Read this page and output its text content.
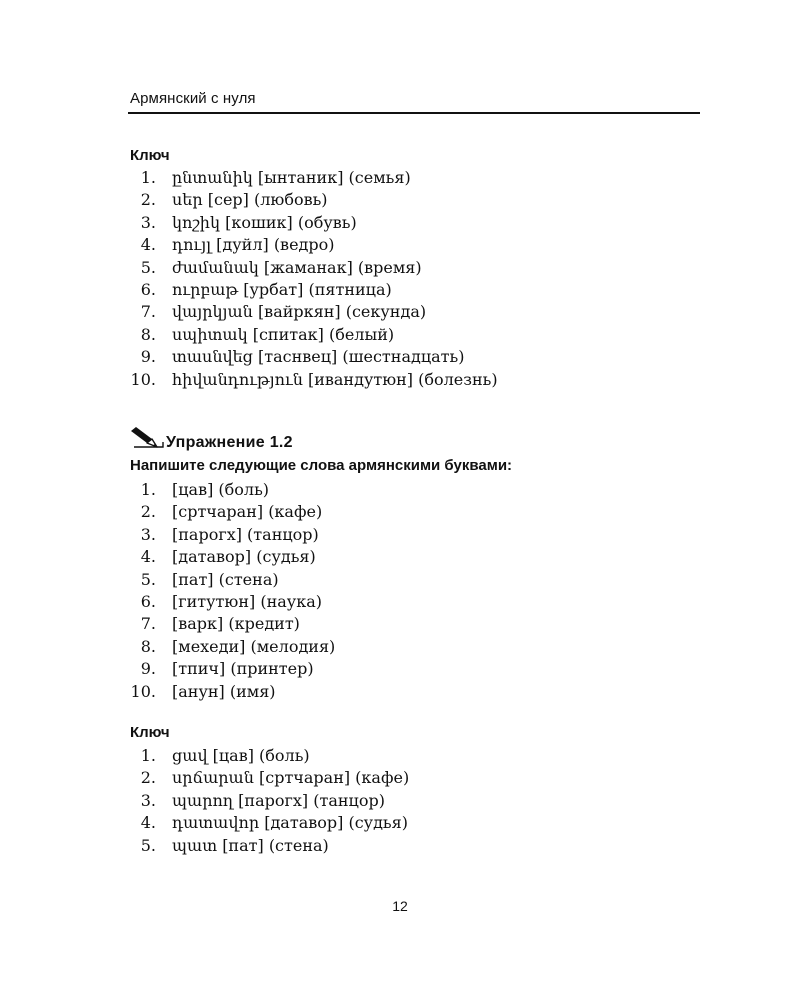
Армянский с нуля
Ключ
1. ընտանիկ [ынтаник] (семья)
2. սեր [сер] (любовь)
3. կոշիկ [кошик] (обувь)
4. դույլ [дуйл] (ведро)
5. ժամանակ [жаманак] (время)
6. ուրբաթ [урбат] (пятница)
7. վայրկյան [вайркян] (секунда)
8. սպիտակ [спитак] (белый)
9. տասնվեց [таснвец] (шестнадцать)
10. հիվանդություն [ивандутюн] (болезнь)
Упражнение 1.2
Напишите следующие слова армянскими буквами:
1. [цав] (боль)
2. [сртчаран] (кафе)
3. [парогх] (танцор)
4. [датавор] (судья)
5. [пат] (стена)
6. [гитутюн] (наука)
7. [варк] (кредит)
8. [мехеди] (мелодия)
9. [тпич] (принтер)
10. [анун] (имя)
Ключ
1. ցավ [цав] (боль)
2. սրճարան [сртчаран] (кафе)
3. պարող [парогх] (танцор)
4. դատավոր [датавор] (судья)
5. պատ [пат] (стена)
12
